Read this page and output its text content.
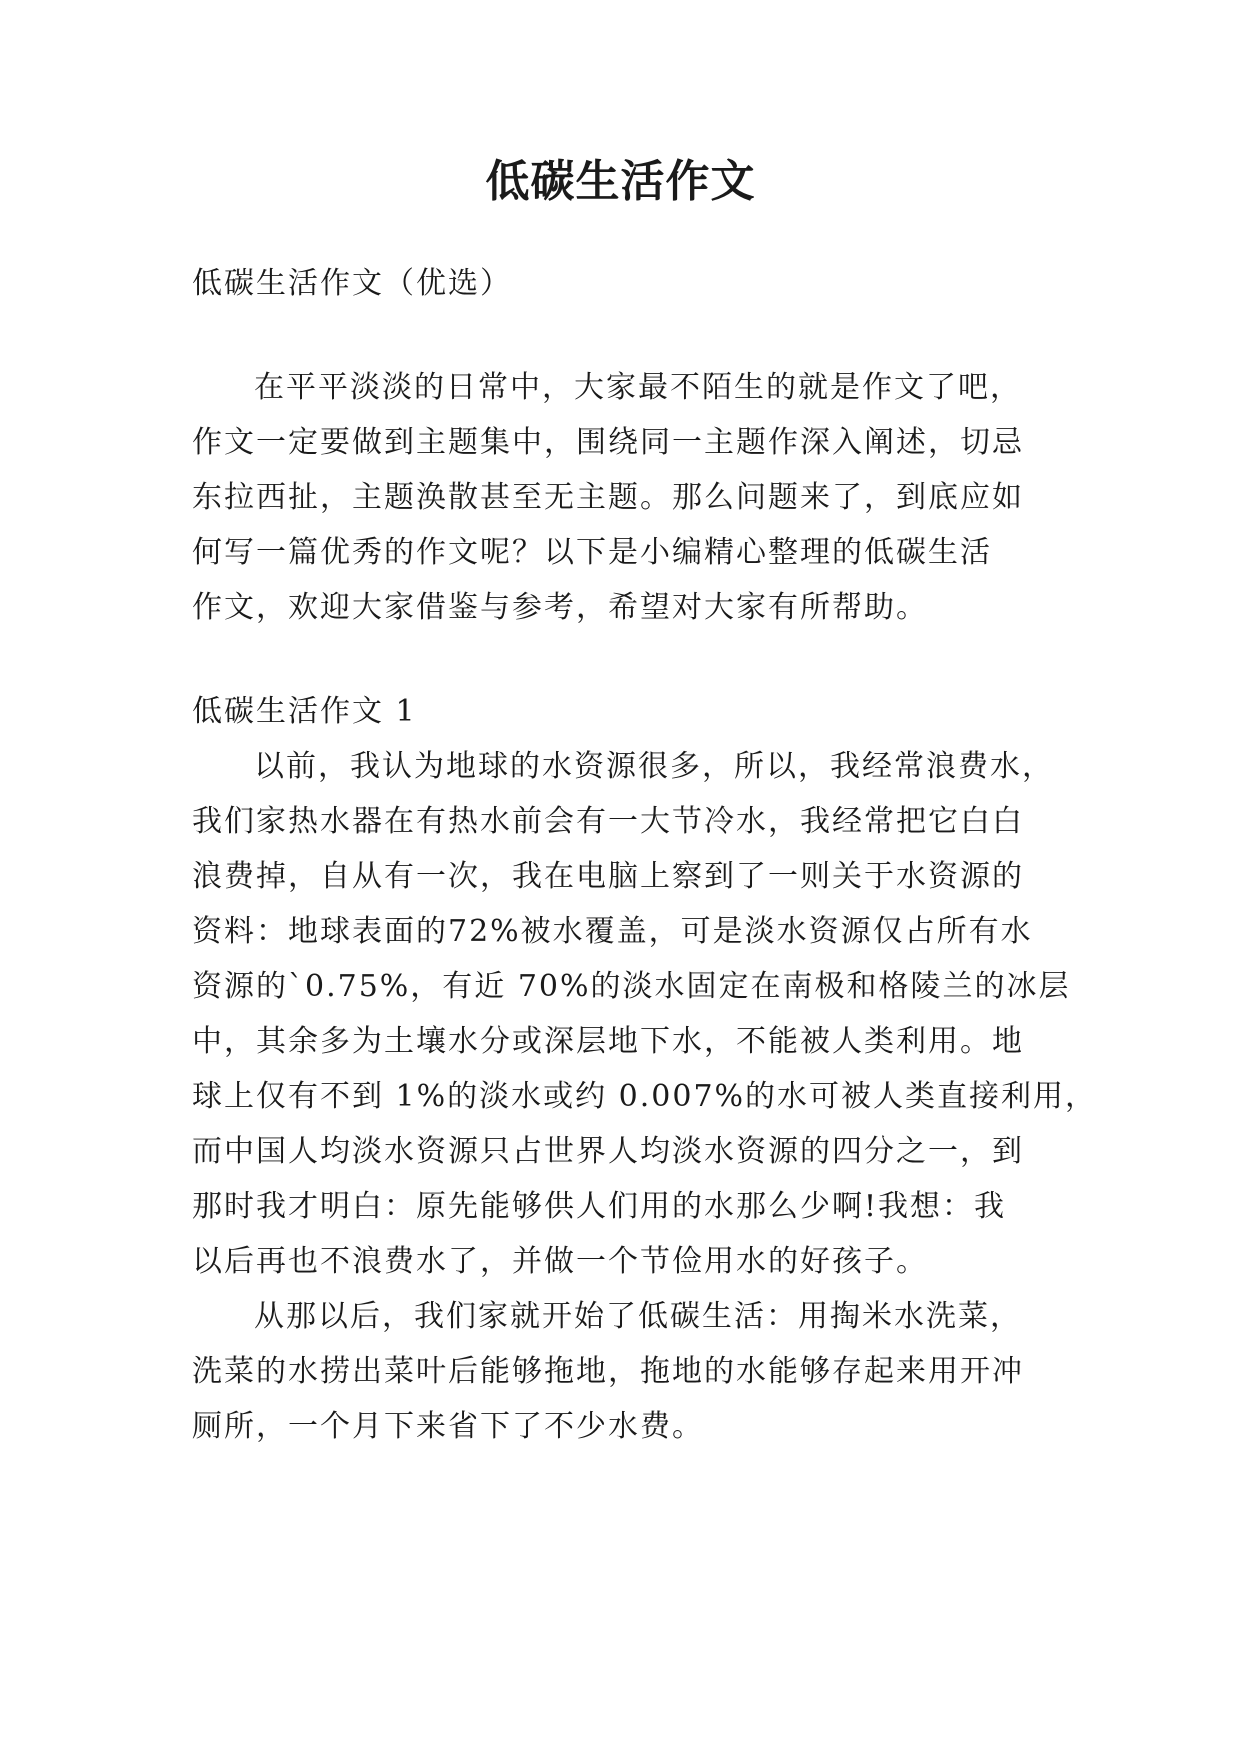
低碳生活作文
低碳生活作文（优选）
在平平淡淡的日常中，大家最不陌生的就是作文了吧，
作文一定要做到主题集中，围绕同一主题作深入阐述，切忌
东拉西扯，主题涣散甚至无主题。那么问题来了，到底应如
何写一篇优秀的作文呢？以下是小编精心整理的低碳生活
作文，欢迎大家借鉴与参考，希望对大家有所帮助。
低碳生活作文 1
以前，我认为地球的水资源很多，所以，我经常浪费水，
我们家热水器在有热水前会有一大节冷水，我经常把它白白
浪费掉，自从有一次，我在电脑上察到了一则关于水资源的
资料：地球表面的72%被水覆盖，可是淡水资源仅占所有水
资源的`0.75%，有近 70%的淡水固定在南极和格陵兰的冰层
中，其余多为土壤水分或深层地下水，不能被人类利用。地
球上仅有不到 1%的淡水或约 0.007%的水可被人类直接利用，
而中国人均淡水资源只占世界人均淡水资源的四分之一，到
那时我才明白：原先能够供人们用的水那么少啊!我想：我
以后再也不浪费水了，并做一个节俭用水的好孩子。
从那以后，我们家就开始了低碳生活：用掏米水洗菜，
洗菜的水捞出菜叶后能够拖地，拖地的水能够存起来用开冲
厕所，一个月下来省下了不少水费。
